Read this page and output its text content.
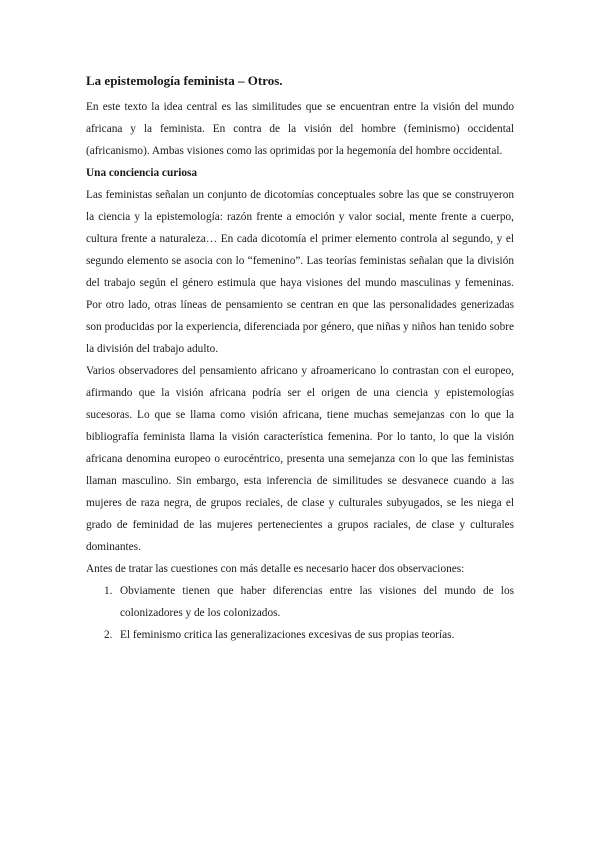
La epistemología feminista – Otros.

En este texto la idea central es las similitudes que se encuentran entre la visión del mundo africana y la feminista. En contra de la visión del hombre (feminismo) occidental (africanismo). Ambas visiones como las oprimidas por la hegemonía del hombre occidental.

Una conciencia curiosa

Las feministas señalan un conjunto de dicotomías conceptuales sobre las que se construyeron la ciencia y la epistemología: razón frente a emoción y valor social, mente frente a cuerpo, cultura frente a naturaleza… En cada dicotomía el primer elemento controla al segundo, y el segundo elemento se asocia con lo “femenino”. Las teorías feministas señalan que la división del trabajo según el género estimula que haya visiones del mundo masculinas y femeninas. Por otro lado, otras líneas de pensamiento se centran en que las personalidades generizadas son producidas por la experiencia, diferenciada por género, que niñas y niños han tenido sobre la división del trabajo adulto.

Varios observadores del pensamiento africano y afroamericano lo contrastan con el europeo, afirmando que la visión africana podría ser el origen de una ciencia y epistemologías sucesoras. Lo que se llama como visión africana, tiene muchas semejanzas con lo que la bibliografía feminista llama la visión característica femenina. Por lo tanto, lo que la visión africana denomina europeo o eurocéntrico, presenta una semejanza con lo que las feministas llaman masculino. Sin embargo, esta inferencia de similitudes se desvanece cuando a las mujeres de raza negra, de grupos reciales, de clase y culturales subyugados, se les niega el grado de feminidad de las mujeres pertenecientes a grupos raciales, de clase y culturales dominantes.

Antes de tratar las cuestiones con más detalle es necesario hacer dos observaciones:

1. Obviamente tienen que haber diferencias entre las visiones del mundo de los colonizadores y de los colonizados.
2. El feminismo critica las generalizaciones excesivas de sus propias teorías.
